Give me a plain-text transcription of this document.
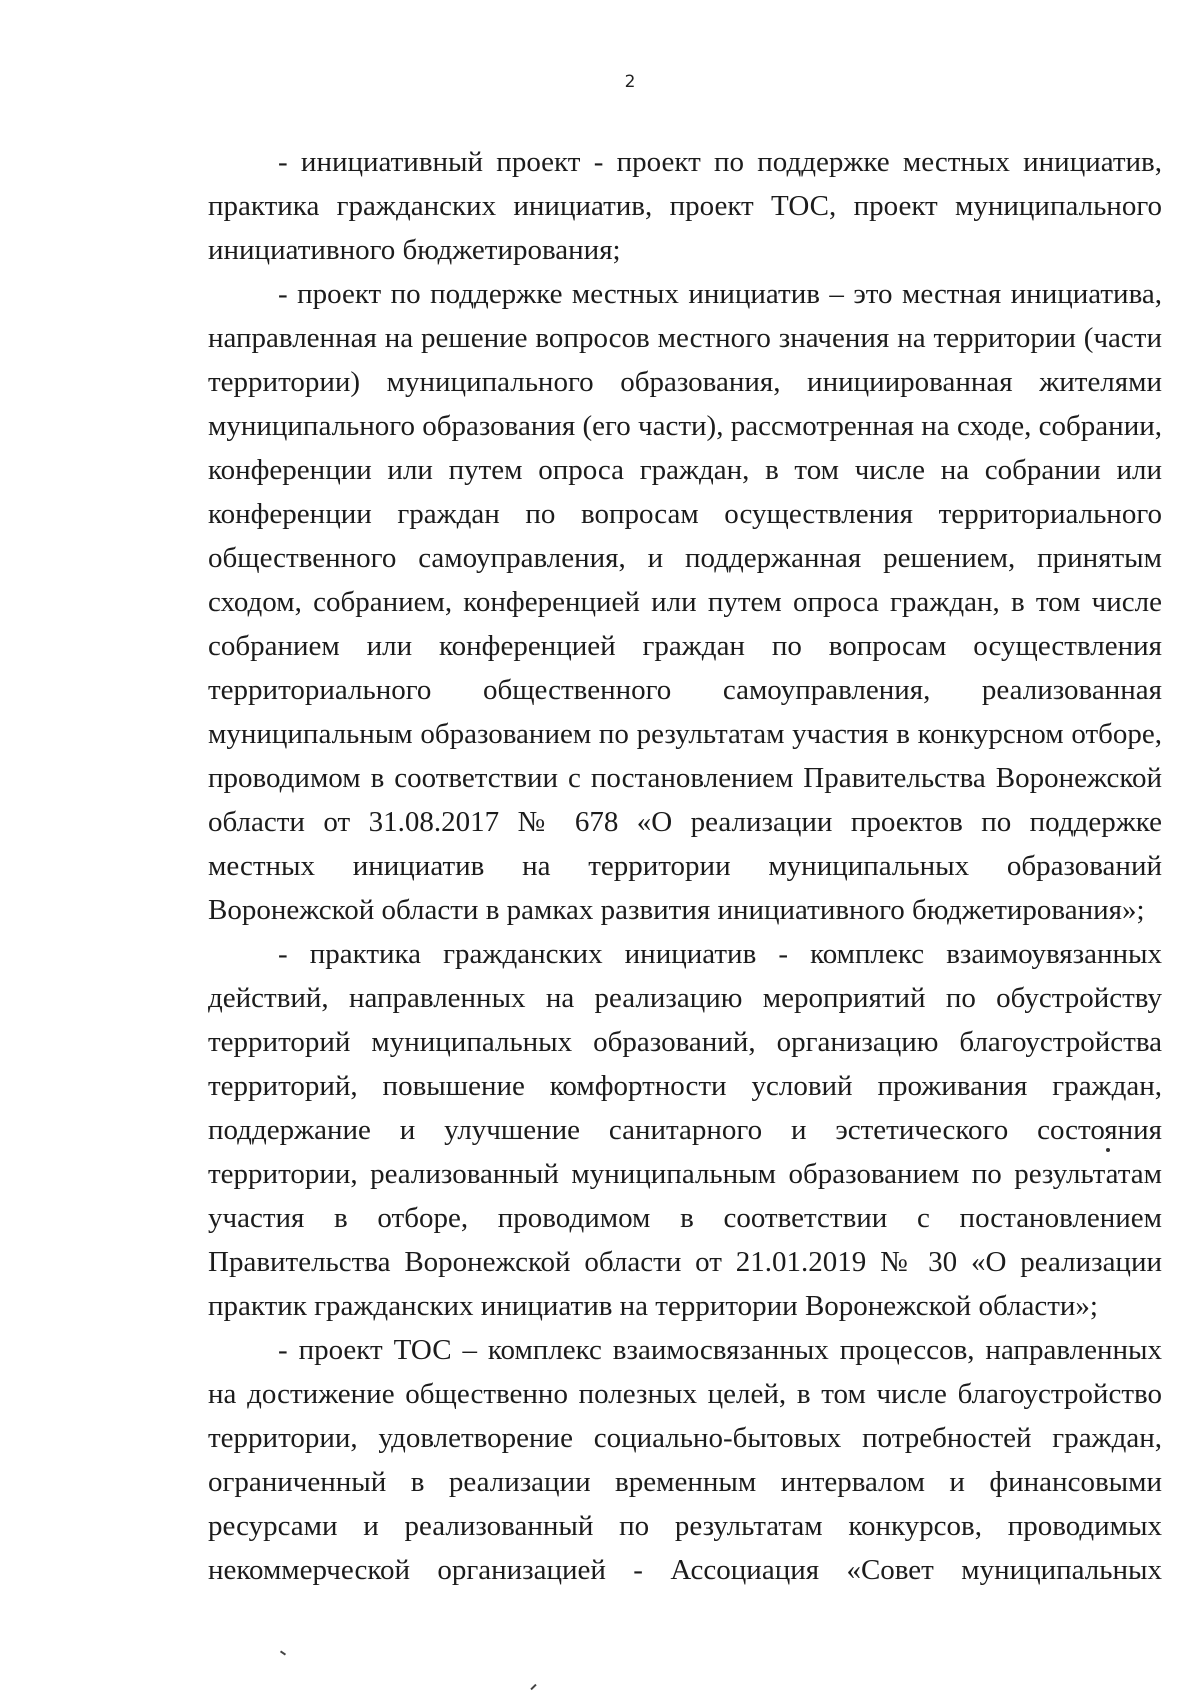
2

- инициативный проект - проект по поддержке местных инициатив, практика гражданских инициатив, проект ТОС, проект муниципального инициативного бюджетирования;

- проект по поддержке местных инициатив – это местная инициатива, направленная на решение вопросов местного значения на территории (части территории) муниципального образования, инициированная жителями муниципального образования (его части), рассмотренная на сходе, собрании, конференции или путем опроса граждан, в том числе на собрании или конференции граждан по вопросам осуществления территориального общественного самоуправления, и поддержанная решением, принятым сходом, собранием, конференцией или путем опроса граждан, в том числе собранием или конференцией граждан по вопросам осуществления территориального общественного самоуправления, реализованная муниципальным образованием по результатам участия в конкурсном отборе, проводимом в соответствии с постановлением Правительства Воронежской области от 31.08.2017 № 678 «О реализации проектов по поддержке местных инициатив на территории муниципальных образований Воронежской области в рамках развития инициативного бюджетирования»;

- практика гражданских инициатив - комплекс взаимоувязанных действий, направленных на реализацию мероприятий по обустройству территорий муниципальных образований, организацию благоустройства территорий, повышение комфортности условий проживания граждан, поддержание и улучшение санитарного и эстетического состояния территории, реализованный муниципальным образованием по результатам участия в отборе, проводимом в соответствии с постановлением Правительства Воронежской области от 21.01.2019 № 30 «О реализации практик гражданских инициатив на территории Воронежской области»;

- проект ТОС – комплекс взаимосвязанных процессов, направленных на достижение общественно полезных целей, в том числе благоустройство территории, удовлетворение социально-бытовых потребностей граждан, ограниченный в реализации временным интервалом и финансовыми ресурсами и реализованный по результатам конкурсов, проводимых некоммерческой организацией - Ассоциация «Совет муниципальных
